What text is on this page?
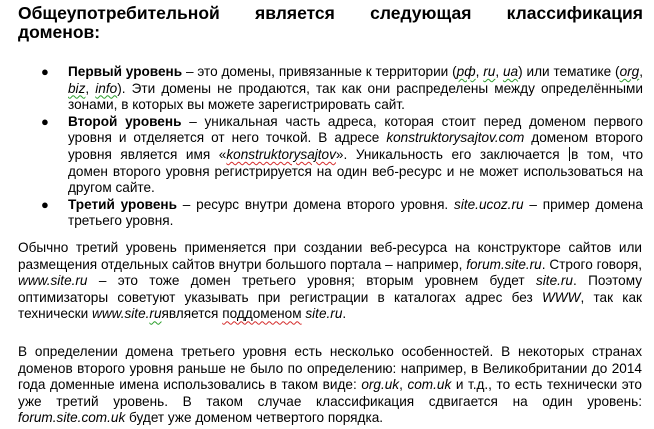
Общеупотребительной является следующая классификация
доменов:
● Первый уровень – это домены, привязанные к территории (рф, ru, ua) или тематике (org, biz, info). Эти домены не продаются, так как они распределены между определёнными зонами, в которых вы можете зарегистрировать сайт.
● Второй уровень – уникальная часть адреса, которая стоит перед доменом первого уровня и отделяется от него точкой. В адресе konstruktorysajtov.com доменом второго уровня является имя «konstruktorysajtov». Уникальность его заключается в том, что домен второго уровня регистрируется на один веб-ресурс и не может использоваться на другом сайте.
● Третий уровень – ресурс внутри домена второго уровня. site.ucoz.ru – пример домена третьего уровня.
Обычно третий уровень применяется при создании веб-ресурса на конструкторе сайтов или размещения отдельных сайтов внутри большого портала – например, forum.site.ru. Строго говоря, www.site.ru – это тоже домен третьего уровня; вторым уровнем будет site.ru. Поэтому оптимизаторы советуют указывать при регистрации в каталогах адрес без WWW, так как технически www.site.ruявляется поддоменом site.ru.
В определении домена третьего уровня есть несколько особенностей. В некоторых странах доменов второго уровня раньше не было по определению: например, в Великобритании до 2014 года доменные имена использовались в таком виде: org.uk, com.uk и т.д., то есть технически это уже третий уровень. В таком случае классификация сдвигается на один уровень: forum.site.com.uk будет уже доменом четвертого порядка.
